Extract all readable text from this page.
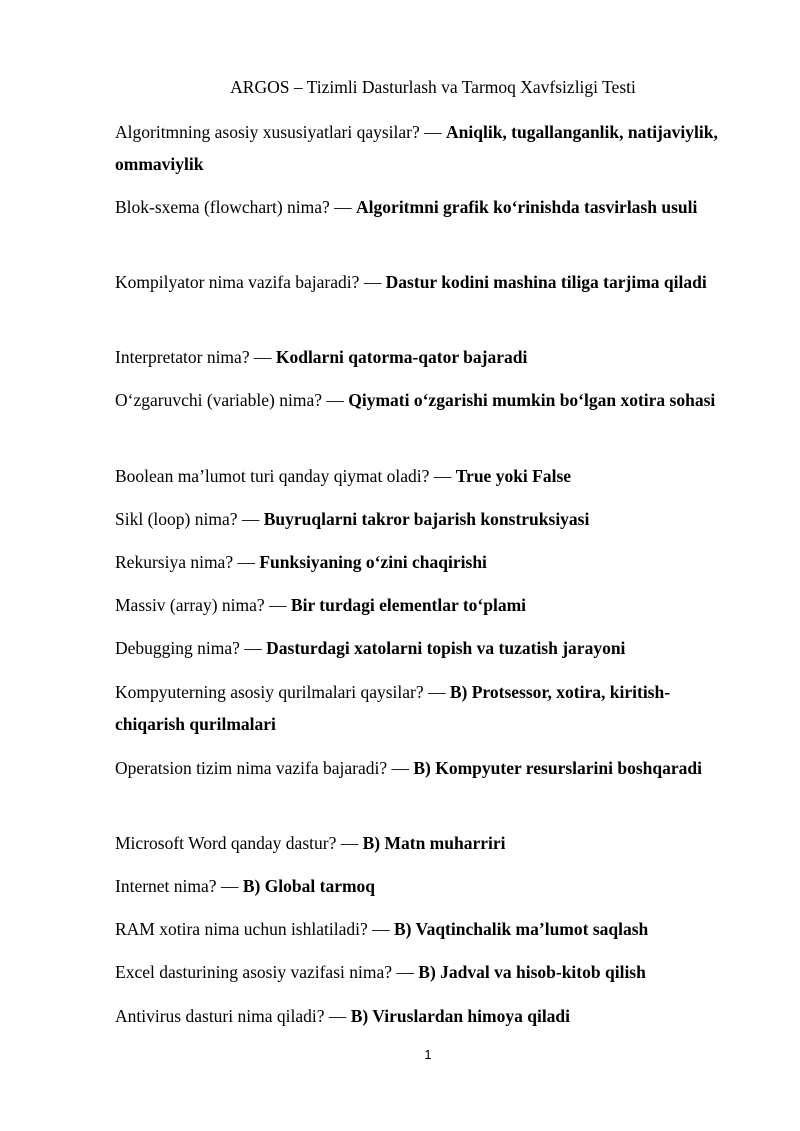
ARGOS – Tizimli Dasturlash va Tarmoq Xavfsizligi Testi
Algoritmning asosiy xususiyatlari qaysilar? — Aniqlik, tugallanganlik, natijaviylik, ommaviylik
Blok-sxema (flowchart) nima? — Algoritmni grafik ko‘rinishda tasvirlash usuli
Kompilyator nima vazifa bajaradi? — Dastur kodini mashina tiliga tarjima qiladi
Interpretator nima? — Kodlarni qatorma-qator bajaradi
O‘zgaruvchi (variable) nima? — Qiymati o‘zgarishi mumkin bo‘lgan xotira sohasi
Boolean ma’lumot turi qanday qiymat oladi? — True yoki False
Sikl (loop) nima? — Buyruqlarni takror bajarish konstruksiyasi
Rekursiya nima? — Funksiyaning o‘zini chaqirishi
Massiv (array) nima? — Bir turdagi elementlar to‘plami
Debugging nima? — Dasturdagi xatolarni topish va tuzatish jarayoni
Kompyuterning asosiy qurilmalari qaysilar? — B) Protsessor, xotira, kiritish-chiqarish qurilmalari
Operatsion tizim nima vazifa bajaradi? — B) Kompyuter resurslarini boshqaradi
Microsoft Word qanday dastur? — B) Matn muharriri
Internet nima? — B) Global tarmoq
RAM xotira nima uchun ishlatiladi? — B) Vaqtinchalik ma’lumot saqlash
Excel dasturining asosiy vazifasi nima? — B) Jadval va hisob-kitob qilish
Antivirus dasturi nima qiladi? — B) Viruslardan himoya qiladi
1
